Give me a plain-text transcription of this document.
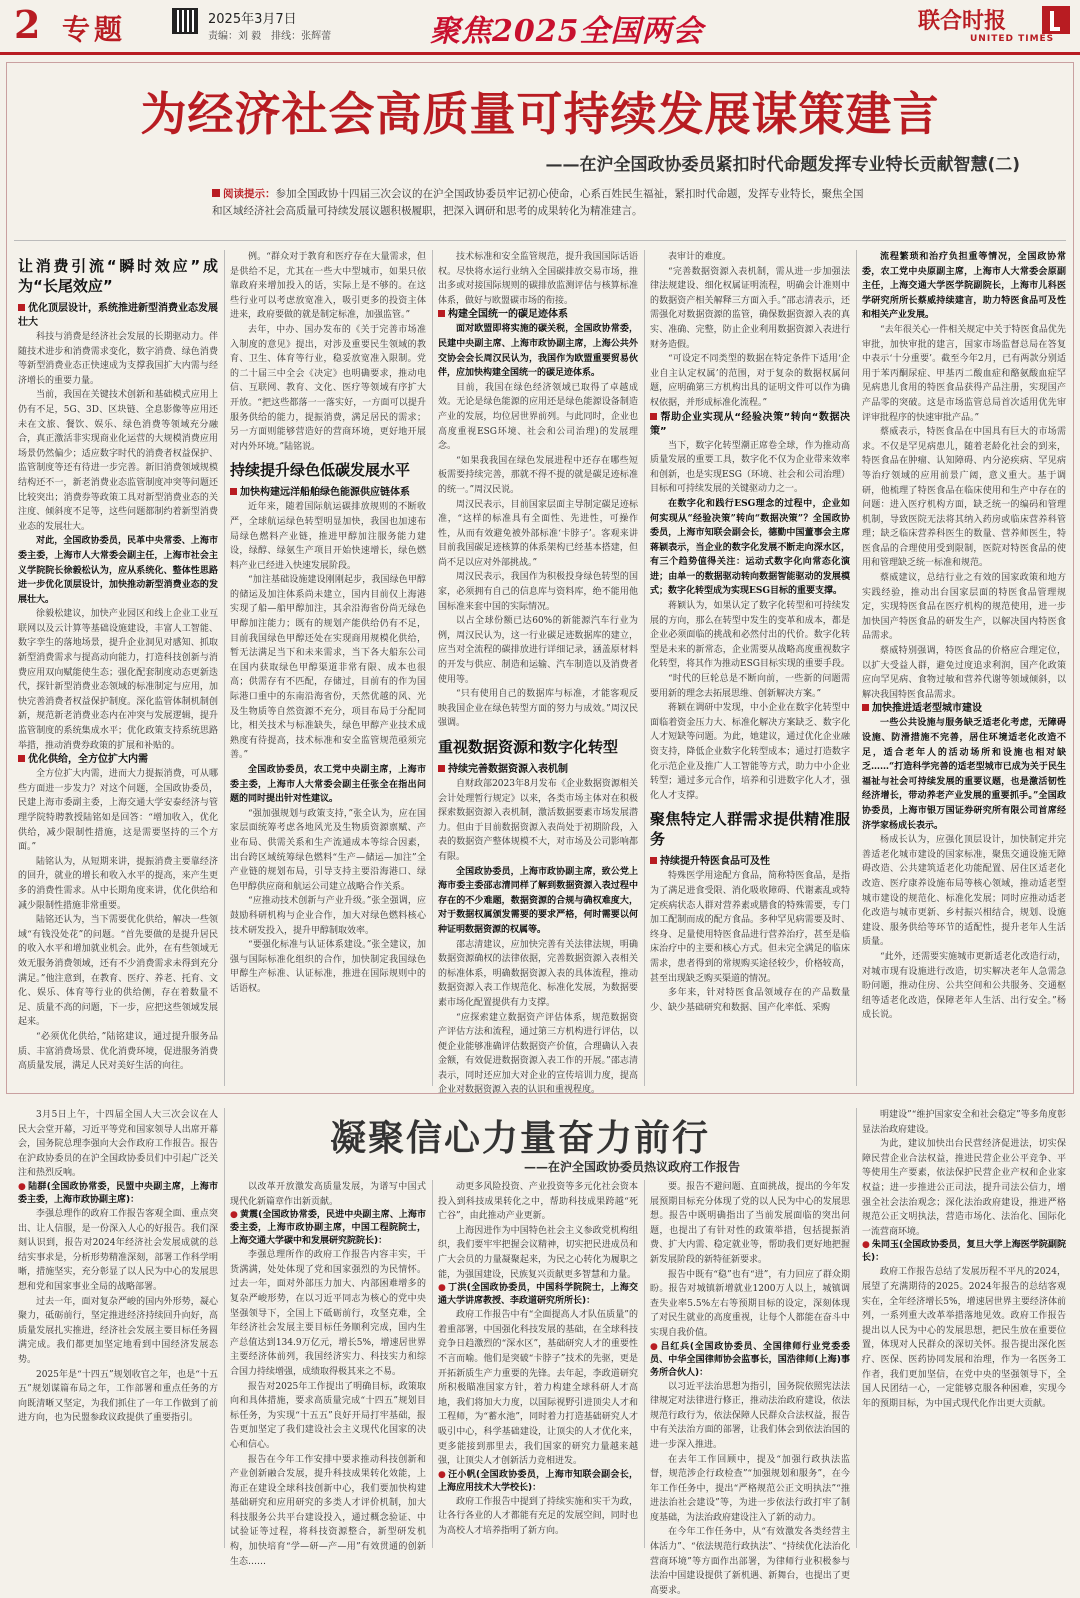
2 专题	2025年3月7日
责编：刘 毅　排线：张辉蕾	聚焦2025全国两会	联合时报
UNITED TIMES
为经济社会高质量可持续发展谋策建言
——在沪全国政协委员紧扣时代命题发挥专业特长贡献智慧(二)
阅读提示：参加全国政协十四届三次会议的在沪全国政协委员牢记初心使命，心系百姓民生福祉，紧扣时代命题，发挥专业特长，聚焦全国和区域经济社会高质量可持续发展议题积极履职，把深入调研和思考的成果转化为精准建言。
让消费引流“瞬时效应”成为“长尾效应”

优化顶层设计，系统推进新型消费业态发展壮大

科技与消费是经济社会发展的长期驱动力。伴随技术进步和消费需求变化，数字消费、绿色消费等新型消费业态正快速成为支撑我国扩大内需与经济增长的重要力量。

当前，我国在关键技术创新和基础模式应用上仍有不足，5G、3D、区块链、全息影像等应用还未在文旅、餐饮、娱乐、绿色消费等领域充分融合，真正激活非实现商业化运营的大规模消费应用场景仍然偏少；适应数字时代的消费者权益保护、监管制度等还有待进一步完善。新旧消费领域规模结构还不一，新老消费业态监管制度冲突等问题还比较突出；消费券等政策工具对新型消费业态的关注度、倾斜度不足等，这些问题都制约着新型消费业态的发展壮大。

对此，全国政协委员，民革中央常委、上海市委主委，上海市人大常委会副主任，上海市社会主义学院院长徐毅松认为，应从系统化、整体性思路进一步优化顶层设计，加快推动新型消费业态的发展壮大。

徐毅松建议，加快产业园区和线上企业工业互联网以及云计算等基础设施建设，丰富人工智能、数字孪生的落地场景，提升企业洞见对感知、抓取新型消费需求与提高动向能力，打造科技创新与消费应用双向赋能使生态；强化配套制度动态更新迭代，探针新型消费业态领域的标准制定与应用，加快完善消费者权益保护制度。深化监管体制机制创新，规范新老消费业态内在冲突与发展逻辑，提升监管制度的系统集成水平；优化政策支持系统思路举措，推动消费券政策的扩展和补贴的。

优化供给，全方位扩大内需

全方位扩大内需，进而大力提振消费，可从哪些方面进一步发力？对这个问题，全国政协委员，民建上海市委副主委，上海交通大学安泰经济与管理学院特聘教授陆铭如是回答：“增加收入，优化供给，减少限制性措施，这是需要坚持的三个方面。”

陆铭认为，从短期来讲，提振消费主要靠经济的回升，就业的增长和收入水平的提高，来产生更多的消费性需求。从中长期角度来讲，优化供给和减少限制性措施非常重要。

陆铭还认为，当下需要优化供给，解决一些领域“有钱没处花”的问题。“首先要做的是提升居民的收入水平和增加就业机会。此外，在有些领域无效无服务消费领域，还有不少消费需求未得到充分满足。”他注意到，在教育、医疗、养老、托育、文化、娱乐、体育等行业的供给侧，存在着数量不足、质量不高的问题，下一步，应把这些领域发展起来。

“必须优化供给，”陆铭建议，通过提升服务品质、丰富消费场景、优化消费环境，促进服务消费高质量发展，满足人民对美好生活的向往。

例。“群众对于教育和医疗存在大量需求，但是供给不足，尤其在一些大中型城市，如果只依靠政府来增加投入的话，实际上是不够的。在这些行业可以考虑放宽准入，吸引更多的投资主体进来，政府要做的就是制定标准，加强监管。”

去年，中办、国办发布的《关于完善市场准入制度的意见》提出，对涉及重要民生领域的教育、卫生、体育等行业，稳妥放宽准入限制。党的二十届三中全会《决定》也明确要求，推动电信、互联网、教育、文化、医疗等领域有序扩大开放。“把这些都落一一落实好，一方面可以提升服务供给的能力，提振消费，满足居民的需求；另一方面则能够营造好的营商环境，更好地开展对内外环境。”陆铭说。

持续提升绿色低碳发展水平

加快构建远洋船舶绿色能源供应链体系

近年来，随着国际航运碳排放规则的不断收严，全球航运绿色转型明显加快，我国也加速布局绿色燃料产业链，推进甲醇加注服务能力建设，绿醇、绿氨生产项目开始快速增长，绿色燃料产业已经进入快速发展阶段。

“加注基础设施建设刚刚起步，我国绿色甲醇的储运及加注体系尚未建立，国内目前仅上海港实现了船—船甲醇加注，其余沿海省份尚无绿色甲醇加注能力；既有的规划产能供给仍有不足，目前我国绿色甲醇还处在实现商用规模化供给，暂无法满足当下和未来需求，当下各大船东公司在国内获取绿色甲醇渠道非常有限、成本也很高；供需存有不匹配，存储过，目前有的作为国际港口重中的东南沿海省份，天然优越的风、光及生物质等自然资源不充分，项目布局于分配同比，相关技术与标准缺失，绿色甲醇产业技术成熟度有待提高，技术标准和安全监管规范亟须完善。”

全国政协委员，农工党中央副主席，上海市委主委，上海市人大常委会副主任张全在指出问题的同时提出针对性建议。

“强加强规划与政策支持，”张全认为，应在国家层面统筹考虑各地风光及生物质资源禀赋、产业布局、供需关系和生产流通成本等综合因素，出台跨区域统筹绿色燃料“生产—储运—加注”全产业链的规划布局，引导支持主要沿海港口、绿色甲醇供应商和航运公司建立战略合作关系。

“应推动技术创新与产业升级。”张全强调，应鼓励科研机构与企业合作，加大对绿色燃料核心技术研发投入，提升甲醇制取效率。

“要强化标准与认证体系建设。”张全建议，加强与国际标准化组织的合作，加快制定我国绿色甲醇生产标准、认证标准，推进在国际规则中的话语权。

技术标准和安全监管规范，提升我国国际话语权。尽快将水运行业纳入全国碳排放交易市场，推出多或对接国际规则的碳排放监测评估与核算标准体系，做好与欧盟碳市场的衔接。

构建全国统一的碳足迹体系

面对欧盟即将实施的碳关税，全国政协常委，民建中央副主席、上海市政协副主席，上海公共外交协会会长周汉民认为，我国作为欧盟重要贸易伙伴，应加快构建全国统一的碳足迹体系。

目前，我国在绿色经济领域已取得了卓越成效。无论是绿色能源的应用还是绿色能源设备制造产业的发展，均位居世界前列。与此同时，企业也高度重视ESG环境、社会和公司治理)的发展理念。

“如果我我国在绿色发展进程中还存在哪些短板需要持续完善，那就不得不提的就是碳足迹标准的统一。”周汉民说。

周汉民表示，目前国家层面主导制定碳足迹标准，“这样的标准具有全面性、先进性，可操作性，从而有效避免被外部标准‘卡脖子’。客观来讲目前我国碳足迹核算的体系架构已经基本搭建，但尚不足以应对外部挑战。”

周汉民表示，我国作为积极投身绿色转型的国家，必须拥有自己的信息库与资料库，绝不能用他国标准来套中国的实际情况。

以占全球份额已达60%的新能源汽车行业为例，周汉民认为，这一行业碳足迹数据库的建立，应当对全流程的碳排放进行详细记录，涵盖原材料的开发与供应、制造和运输、汽车制造以及消费者使用等。

“只有使用自己的数据库与标准，才能客观反映我国企业在绿色转型方面的努力与成效。”周汉民强调。

重视数据资源和数字化转型

持续完善数据资源入表机制

自财政部2023年8月发布《企业数据资源相关会计处理暂行规定》以来，各类市场主体对在积极探索数据资源入表机制，激活数据要素市场发展潜力。但由于目前数据资源入表尚处于初期阶段，入表的数据资产整体规模不大，对市场及公司影响都有限。

全国政协委员，上海市政协副主席，致公党上海市委主委邵志清同样了解到数据资源入表过程中存在的不少难题，数据资源的合规与确权难度大，对于数据权属颁发需要的要求严格，何时需要以何种证明数据资源的权属等。

邵志清建议，应加快完善有关法律法规，明确数据资源确权的法律依据，完善数据资源入表相关的标准体系，明确数据资源入表的具体流程，推动数据资源入表工作规范化、标准化发展，为数据要素市场化配置提供有力支撑。

“应探索建立数据资产评估体系，规范数据资产评估方法和流程，通过第三方机构进行评估，以便企业能够准确评估数据资产价值，合理确认入表金额，有效促进数据资源入表工作的开展。”邵志清表示，同时还应加大对企业的宣传培训力度，提高企业对数据资源入表的认识和重视程度。

表审计的难度。

“完善数据资源入表机制，需从进一步加强法律法规建设、细化权属证明流程，明确会计准则中的数据资产相关解释三方面入手。”邵志清表示，还需强化对数据资源的监管，确保数据资源入表的真实、准确、完整，防止企业利用数据资源入表进行财务造假。

“可设定不同类型的数据在特定条件下适用‘企业自主认定权属’的范围，对于复杂的数据权属问题，应明确第三方机构出具的证明文件可以作为确权依据，并形成标准化流程。”

帮助企业实现从“经验决策”转向“数据决策”

当下，数字化转型潮正席卷全球，作为推动高质量发展的重要工具，数字化不仅为企业带来效率和创新，也是实现ESG（环境、社会和公司治理）目标和可持续发展的关键驱动力之一。

在数字化和践行ESG理念的过程中，企业如何实现从“经验决策”转向“数据决策”？全国政协委员，上海市知联会副会长，德勤中国董事会主席蒋颖表示，当企业的数字化发展不断走向深水区，有三个趋势值得关注：运动式数字化向常态化演进；由单一的数据驱动转向数据智能驱动的发展模式；数字化转型成为实现ESG目标的重要支撑。

蒋颖认为，如果认定了数字化转型和可持续发展的方向，那么在转型中发生的变革和成本，都是企业必须面临的挑战和必然付出的代价。数字化转型是未来的新常态，企业需要从战略高度重视数字化转型，将其作为推动ESG目标实现的重要手段。

“时代的巨轮总是不断向前，一些新的问题需要用新的理念去拓展思维、创新解决方案。”

蒋颖在调研中发现，中小企业在数字化转型中面临着资金压力大、标准化解决方案缺乏、数字化人才短缺等问题。为此，她建议，通过优化企业融资支持，降低企业数字化转型成本；通过打造数字化示范企业及推广人工智能等方式，助力中小企业转型；通过多元合作，培养和引进数字化人才，强化人才支撑。

聚焦特定人群需求提供精准服务

持续提升特医食品可及性

特殊医学用途配方食品，简称特医食品，是指为了满足进食受限、消化吸收障碍、代谢紊乱或特定疾病状态人群对营养素或膳食的特殊需要，专门加工配制而成的配方食品。多种罕见病需要及时、终身、足量使用特医食品进行营养治疗，甚至是临床治疗中的主要和核心方式。但未完全满足的临床需求，患者得到的常规购买途径较少，价格较高，甚至出现缺乏购买渠道的情况。

多年来，针对特医食品领域存在的产品数量少、缺少基础研究和数据、国产化率低、采购

流程繁琐和治疗负担重等情况，全国政协常委，农工党中央原副主席，上海市人大常委会原副主任，上海交通大学医学院副院长，上海市儿科医学研究所所长蔡威持续建言，助力特医食品可及性和相关产业发展。

“去年很关心一件相关规定中关于特医食品优先审批，加快审批的建言，国家市场监督总局在答复中表示‘十分重要’。截至今年2月，已有两款分别适用于苯丙酮尿症、甲基丙二酸血症和酪氨酸血症罕见病患儿食用的特医食品获得产品注册，实现国产产品零的突破。这是市场监管总局首次适用优先审评审批程序的快速审批产品。”

蔡威表示，特医食品在中国具有巨大的市场需求。不仅是罕见病患儿，随着老龄化社会的到来，特医食品在肿瘤、认知障碍、内分泌疾病、罕见病等治疗领域的应用前景广阔，意义重大。基于调研，他梳理了特医食品在临床使用和生产中存在的问题：进入医疗机构方面，缺乏统一的编码和管理机制，导致医院无法将其纳入药房或临床营养科管理；缺乏临床营养科医生的数量、营养师医生，特医食品的合理使用受到限制，医院对特医食品的使用和管理缺乏统一标准和规范。

蔡威建议，总结行业之有效的国家政策和地方实践经验，推动出台国家层面的特医食品管理规定，实现特医食品在医疗机构的规范使用，进一步加快国产特医食品的研发生产，以解决国内特医食品需求。

蔡威特别强调，特医食品的价格应合理定位，以扩大受益人群，避免过度追求利润，国产化政策应向罕见病、食物过敏和营养代谢等领域倾斜，以解决我国特医食品需求。

加快推进适老型城市建设

一些公共设施与服务缺乏适老化考虑，无障碍设施、防滑措施不完善，居住环境适老化改造不足，适合老年人的活动场所和设施也相对缺乏……“打造科学完善的适老型城市已成为关于民生福祉与社会可持续发展的重要议题，也是激活韧性经济增长，带动养老产业发展的重要抓手。”全国政协委员，上海市银万国证券研究所有限公司首席经济学家杨成长表示。

杨成长认为，应强化顶层设计，加快制定并完善适老化城市建设的国家标准，聚焦交通设施无障碍改造、公共建筑适老化功能配置、居住区适老化改造、医疗康养设施布局等核心领域，推动适老型城市建设的规范化、标准化发展；同时应推动适老化改造与城市更新、乡村振兴相结合，规划、设施建设、服务供给等环节的适配性，提升老年人生活质量。

“此外，还需要实施城市更新适老化改造行动，对城市现有设施进行改造，切实解决老年人急需急盼问题，推动住房、公共空间和公共服务、交通枢纽等适老化改造，保障老年人生活、出行安全。”杨成长说。

凝聚信心力量奋力前行
——在沪全国政协委员热议政府工作报告

3月5日上午，十四届全国人大三次会议在人民大会堂开幕，习近平等党和国家领导人出席开幕会，国务院总理李强向大会作政府工作报告。报告在沪政协委员的在沪全国政协委员们中引起广泛关注和热烈反响。

● 陆群(全国政协常委，民盟中央副主席，上海市委主委，上海市政协副主席)：

李强总理作的政府工作报告客观全面、重点突出、让人信服，是一份深入人心的好报告。我们深刻认识到，报告对2024年经济社会发展成就的总结实事求是，分析形势精准深刻，部署工作科学明晰，措施坚实，充分彰显了以人民为中心的发展思想和党和国家事业全局的战略部署。

过去一年，面对复杂严峻的国内外形势，凝心聚力，砥砺前行，坚定推进经济持续回升向好，高质量发展扎实推进，经济社会发展主要目标任务圆满完成。我们都更加坚定地看到中国经济发展态势。

2025年是“十四五”规划收官之年，也是“十五五”规划谋篇布局之年，工作部署和重点任务的方向既清晰又坚定，为我们抓住了一年工作做到了前进方向，也为民盟参政议政提供了重要指引。

以改革开放激发高质量发展，为谱写中国式现代化新篇章作出新贡献。

● 黄震(全国政协常委，民进中央副主席、上海市委主委，上海市政协副主席，中国工程院院士，上海交通大学碳中和发展研究院院长)：

李强总理所作的政府工作报告内容丰实，干货满满，处处体现了党和国家强烈的为民情怀。过去一年，面对外部压力加大、内部困难增多的复杂严峻形势，在以习近平同志为核心的党中央坚强领导下，全国上下砥砺前行，攻坚克难，全年经济社会发展主要目标任务顺利完成，国内生产总值达到134.9万亿元，增长5%，增速居世界主要经济体前列，我国经济实力、科技实力和综合国力持续增强，成绩取得极其来之不易。

报告对2025年工作提出了明确目标，政策取向和具体措施，要求高质量完成“十四五”规划目标任务，为实现“十五五”良好开局打牢基础，报告更加坚定了我们建设社会主义现代化国家的决心和信心。

报告在今年工作安排中要求推动科技创新和产业创新融合发展，提升科技成果转化效能，上海正在建设全球科技创新中心，我们要加快构建基础研究和应用研究的多类人才评价机制，加大科技服务公共平台建设投入，通过概念验证、中试验证等过程，将科技资源整合，新型研发机构，加快培育“学—研—产—用”有效贯通的创新生态……

动更多风险投资、产业投资等多元化社会资本投入到科技成果转化之中，帮助科技成果跨越“死亡谷”，由此推动产业更新。

上海因进作为中国特色社会主义参政党机构组织，我们要牢牢把握会议精神，切实把民进成员和广大会员的力量凝聚起来，为民之心转化为履职之能，为强国建设，民族复兴贡献更多智慧和力量。

● 丁洪(全国政协委员，中国科学院院士，上海交通大学讲席教授、李政道研究所所长)：

政府工作报告中有“全面提高人才队伍质量”的着重部署，中国强化科技发展的基础，在全球科技竞争日趋激烈的“深水区”，基础研究人才的重要性不言而喻。他们是突破“卡脖子”技术的先驱，更是开拓新质生产力重要的先锋。去年起，李政道研究所积极瞄准国家方针，着力构建全球科研人才高地，我们将加大力度，以国际视野引进顶尖人才和工程师，为“蓄水池”，同时着力打造基础研究人才吸引中心，科学基础建设，让顶尖的人才优化来，更多能接到那里去，我们国家的研究力量越来越强，让顶尖人才创新活力竞相迸发。

● 汪小帆(全国政协委员，上海市知联会副会长，上海应用技术大学校长)：

政府工作报告中提到了持续实施和实干为政，让各行各业的人才都能有充足的发展空间，同时也为高校人才培养指明了新方向。

要。报告不避问题、直面挑战，提出的今年发展预期目标充分体现了党的以人民为中心的发展思想。报告中既明确指出了当前发展面临的突出问题，也提出了有针对性的政策举措，包括提振消费、扩大内需、稳定就业等，帮助我们更好地把握新发展阶段的新特征新要求。

报告中既有“稳”也有“进”，有力回应了群众期盼。报告对城镇新增就业1200万人以上，城镇调查失业率5.5%左右等预期目标的设定，深刻体现了对民生就业的高度重视，让每个人都能在奋斗中实现自我价值。

● 吕红兵(全国政协委员、全国律师行业党委委员、中华全国律师协会监事长，国浩律师(上海)事务所合伙人)：

以习近平法治思想为指引，国务院依照宪法法律规定对法律进行修正，推动法治政府建设，依法规范行政行为，依法保障人民群众合法权益，报告中有关法治方面的部署，让我们体会到依法治国的进一步深入推进。

在去年工作回顾中，提及“加强行政执法监督，规范涉企行政检查”“加强规划和服务”，在今年工作任务中，提出“严格规范公正文明执法”“推进法治社会建设”等，为进一步依法行政打牢了制度基础，为法治政府建设注入了新的动力。

在今年工作任务中，从“有效激发各类经营主体活力”、“依法规范行政执法”、“持续优化法治化营商环境”等方面作出部署，为律师行业积极参与法治中国建设提供了新机遇、新舞台，也提出了更高要求。

明建设”“维护国家安全和社会稳定”等多角度彰显法治政府建设。

为此，建议加快出台民营经济促进法，切实保障民营企业合法权益，推进民营企业公平竞争、平等使用生产要素，依法保护民营企业产权和企业家权益；进一步推进公正司法，提升司法公信力，增强全社会法治观念；深化法治政府建设，推进严格规范公正文明执法，营造市场化、法治化、国际化一流营商环境。

● 朱同玉(全国政协委员，复旦大学上海医学院副院长)：

政府工作报告总结了发展历程不平凡的2024，展望了充满期待的2025。2024年报告的总结客观实在，全年经济增长5%，增速居世界主要经济体前列，一系列重大改革举措落地见效。政府工作报告提出以人民为中心的发展思想，把民生放在重要位置，体现对人民群众的深切关怀。报告提出深化医疗、医保、医药协同发展和治理，作为一名医务工作者，我们更加坚信，在党中央的坚强领导下，全国人民团结一心，一定能够克服各种困难，实现今年的预期目标，为中国式现代化作出更大贡献。
